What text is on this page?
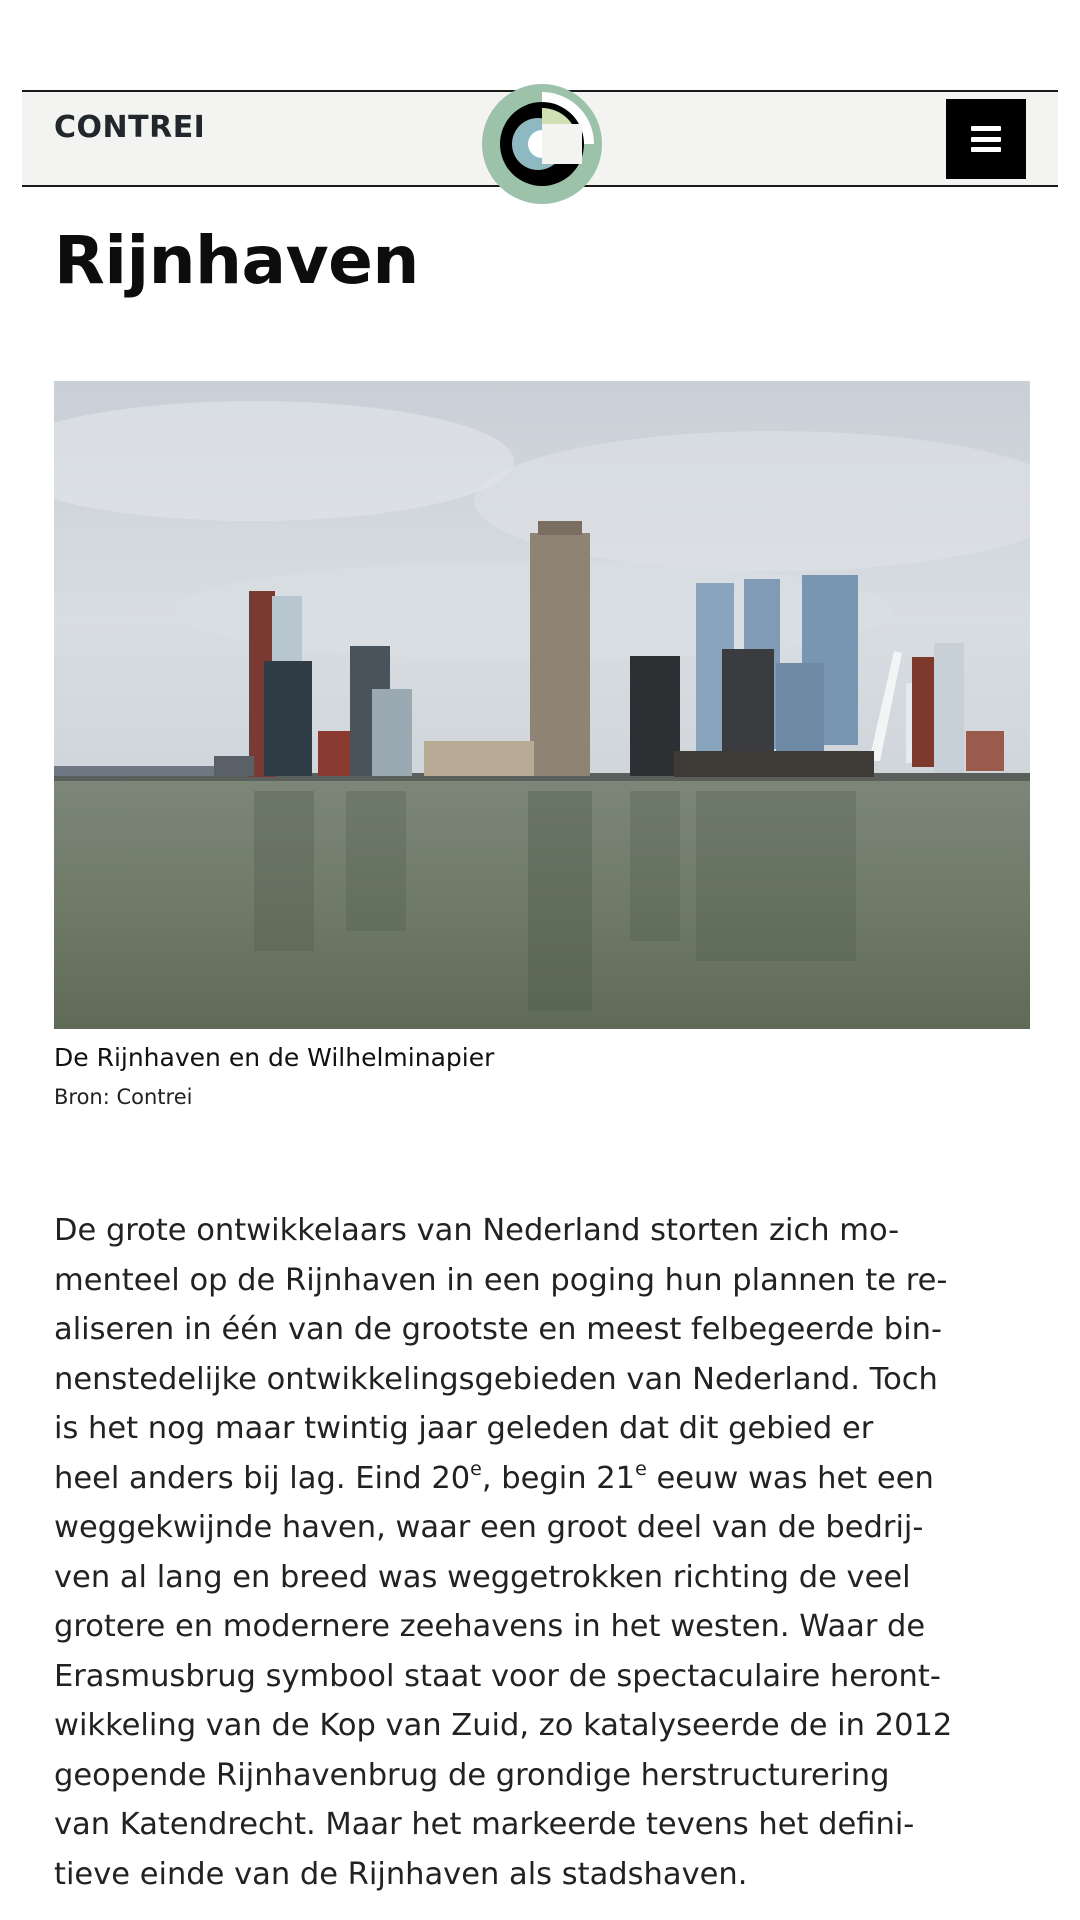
CONTREI
Rijnhaven
De Rijnhaven en de Wilhelminapier
Bron: Contrei

De grote ontwikkelaars van Nederland storten zich mo-
menteel op de Rijnhaven in een poging hun plannen te re-
aliseren in één van de grootste en meest felbegeerde bin-
nenstedelijke ontwikkelingsgebieden van Nederland. Toch
is het nog maar twintig jaar geleden dat dit gebied er
heel anders bij lag. Eind 20e, begin 21e eeuw was het een
weggekwijnde haven, waar een groot deel van de bedrij-
ven al lang en breed was weggetrokken richting de veel
grotere en modernere zeehavens in het westen. Waar de
Erasmusbrug symbool staat voor de spectaculaire heront-
wikkeling van de Kop van Zuid, zo katalyseerde de in 2012
geopende Rijnhavenbrug de grondige herstructurering
van Katendrecht. Maar het markeerde tevens het defini-
tieve einde van de Rijnhaven als stadshaven.
